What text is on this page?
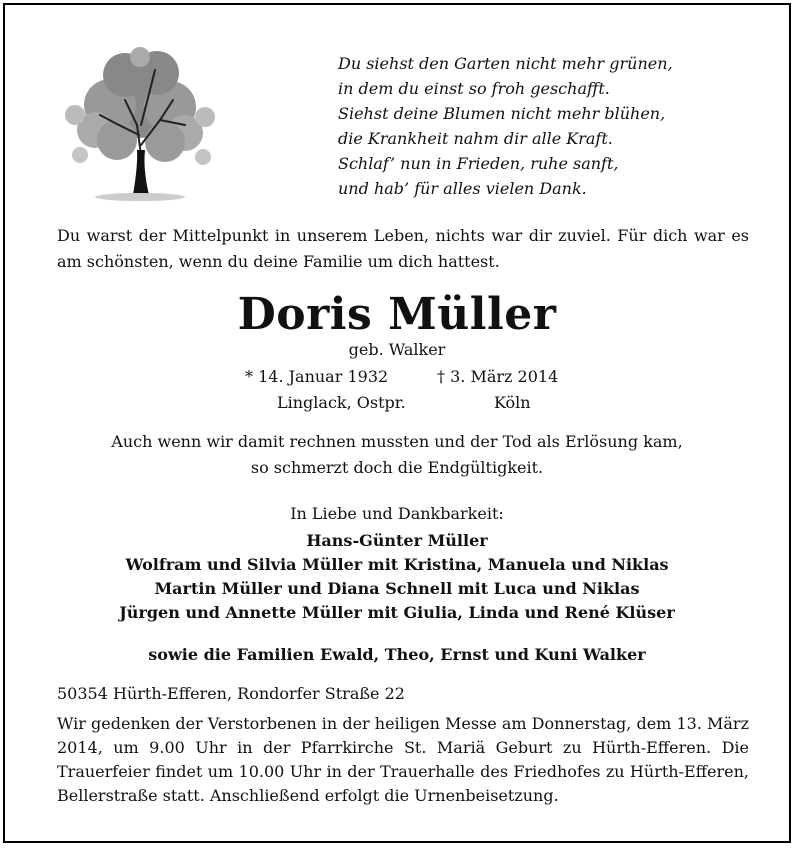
Du siehst den Garten nicht mehr grünen,
in dem du einst so froh geschafft.
Siehst deine Blumen nicht mehr blühen,
die Krankheit nahm dir alle Kraft.
Schlaf’ nun in Frieden, ruhe sanft,
und hab’ für alles vielen Dank.
Du warst der Mittelpunkt in unserem Leben, nichts war dir zuviel. Für dich war es am schönsten, wenn du deine Familie um dich hattest.
Doris Müller
geb. Walker
* 14. Januar 1932	† 3. März 2014
Linglack, Ostpr.	Köln
Auch wenn wir damit rechnen mussten und der Tod als Erlösung kam,
so schmerzt doch die Endgültigkeit.
In Liebe und Dankbarkeit:
Hans-Günter Müller
Wolfram und Silvia Müller mit Kristina, Manuela und Niklas
Martin Müller und Diana Schnell mit Luca und Niklas
Jürgen und Annette Müller mit Giulia, Linda und René Klüser
sowie die Familien Ewald, Theo, Ernst und Kuni Walker
50354 Hürth-Efferen, Rondorfer Straße 22
Wir gedenken der Verstorbenen in der heiligen Messe am Donnerstag, dem 13. März 2014, um 9.00 Uhr in der Pfarrkirche St. Mariä Geburt zu Hürth-Efferen. Die Trauerfeier findet um 10.00 Uhr in der Trauerhalle des Friedhofes zu Hürth-Efferen, Bellerstraße statt. Anschließend erfolgt die Urnenbeisetzung.
